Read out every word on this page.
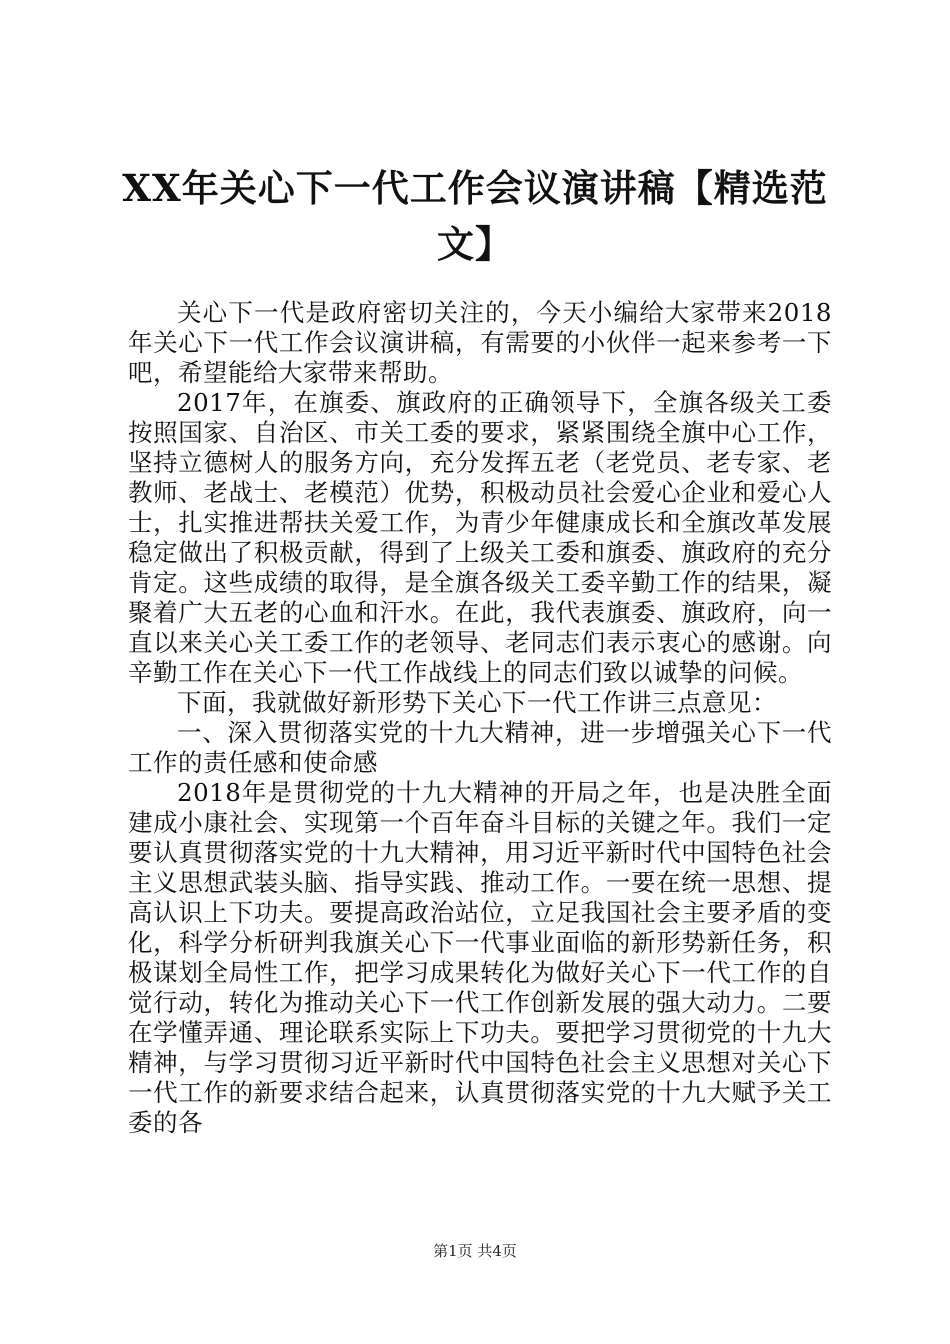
XX年关心下一代工作会议演讲稿【精选范文】

关心下一代是政府密切关注的，今天小编给大家带来2018年关心下一代工作会议演讲稿，有需要的小伙伴一起来参考一下吧，希望能给大家带来帮助。

2017年，在旗委、旗政府的正确领导下，全旗各级关工委按照国家、自治区、市关工委的要求，紧紧围绕全旗中心工作，坚持立德树人的服务方向，充分发挥五老（老党员、老专家、老教师、老战士、老模范）优势，积极动员社会爱心企业和爱心人士，扎实推进帮扶关爱工作，为青少年健康成长和全旗改革发展稳定做出了积极贡献，得到了上级关工委和旗委、旗政府的充分肯定。这些成绩的取得，是全旗各级关工委辛勤工作的结果，凝聚着广大五老的心血和汗水。在此，我代表旗委、旗政府，向一直以来关心关工委工作的老领导、老同志们表示衷心的感谢。向辛勤工作在关心下一代工作战线上的同志们致以诚挚的问候。

下面，我就做好新形势下关心下一代工作讲三点意见：

一、深入贯彻落实党的十九大精神，进一步增强关心下一代工作的责任感和使命感

2018年是贯彻党的十九大精神的开局之年，也是决胜全面建成小康社会、实现第一个百年奋斗目标的关键之年。我们一定要认真贯彻落实党的十九大精神，用习近平新时代中国特色社会主义思想武装头脑、指导实践、推动工作。一要在统一思想、提高认识上下功夫。要提高政治站位，立足我国社会主要矛盾的变化，科学分析研判我旗关心下一代事业面临的新形势新任务，积极谋划全局性工作，把学习成果转化为做好关心下一代工作的自觉行动，转化为推动关心下一代工作创新发展的强大动力。二要在学懂弄通、理论联系实际上下功夫。要把学习贯彻党的十九大精神，与学习贯彻习近平新时代中国特色社会主义思想对关心下一代工作的新要求结合起来，认真贯彻落实党的十九大赋予关工委的各

第1页 共4页
